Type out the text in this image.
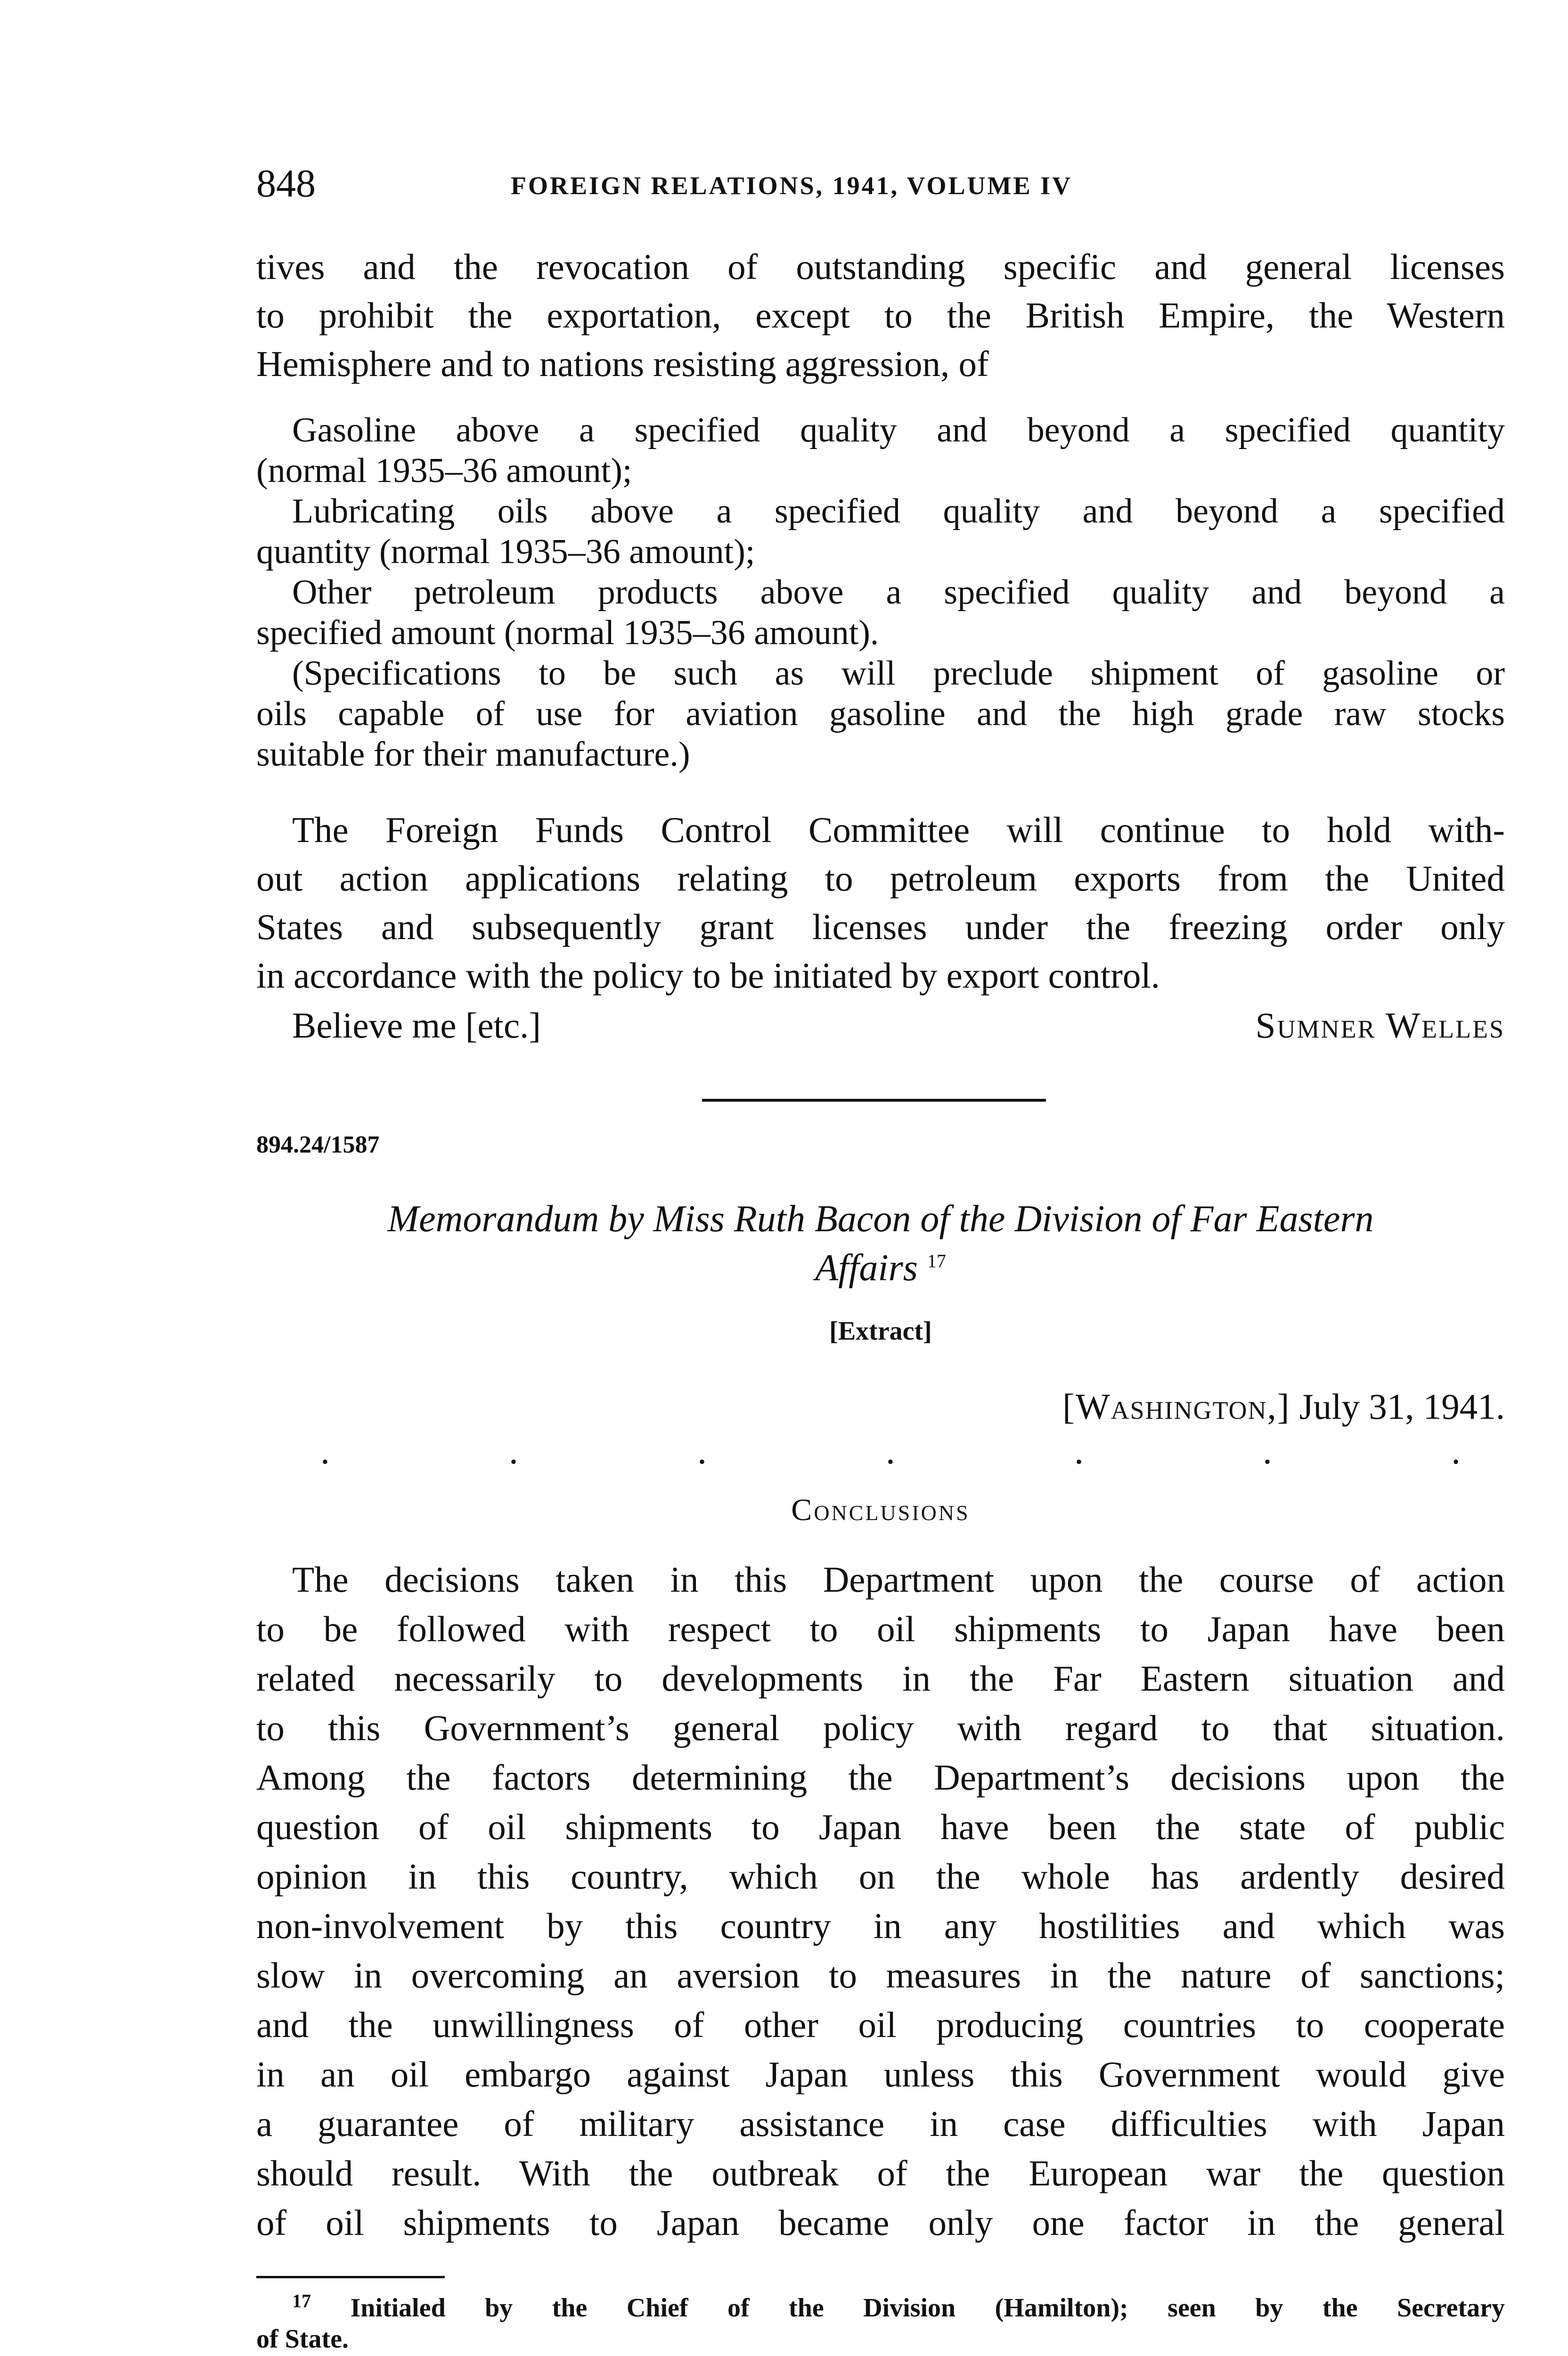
848	FOREIGN RELATIONS, 1941, VOLUME IV
tives and the revocation of outstanding specific and general licenses
to prohibit the exportation, except to the British Empire, the Western
Hemisphere and to nations resisting aggression, of
Gasoline above a specified quality and beyond a specified quantity
(normal 1935–36 amount);
Lubricating oils above a specified quality and beyond a specified
quantity (normal 1935–36 amount);
Other petroleum products above a specified quality and beyond a
specified amount (normal 1935–36 amount).
(Specifications to be such as will preclude shipment of gasoline or
oils capable of use for aviation gasoline and the high grade raw stocks
suitable for their manufacture.)
The Foreign Funds Control Committee will continue to hold with-
out action applications relating to petroleum exports from the United
States and subsequently grant licenses under the freezing order only
in accordance with the policy to be initiated by export control.
Believe me [etc.]	Sumner Welles
894.24/1587
Memorandum by Miss Ruth Bacon of the Division of Far Eastern
Affairs $^{17}$
[Extract]
[Washington,] July 31, 1941.
.	.	.	.	.	.	.
Conclusions
The decisions taken in this Department upon the course of action
to be followed with respect to oil shipments to Japan have been
related necessarily to developments in the Far Eastern situation and
to this Government’s general policy with regard to that situation.
Among the factors determining the Department’s decisions upon the
question of oil shipments to Japan have been the state of public
opinion in this country, which on the whole has ardently desired
non-involvement by this country in any hostilities and which was
slow in overcoming an aversion to measures in the nature of sanctions;
and the unwillingness of other oil producing countries to cooperate
in an oil embargo against Japan unless this Government would give
a guarantee of military assistance in case difficulties with Japan
should result. With the outbreak of the European war the question
of oil shipments to Japan became only one factor in the general
$^{17}$ Initialed by the Chief of the Division (Hamilton); seen by the Secretary
of State.
